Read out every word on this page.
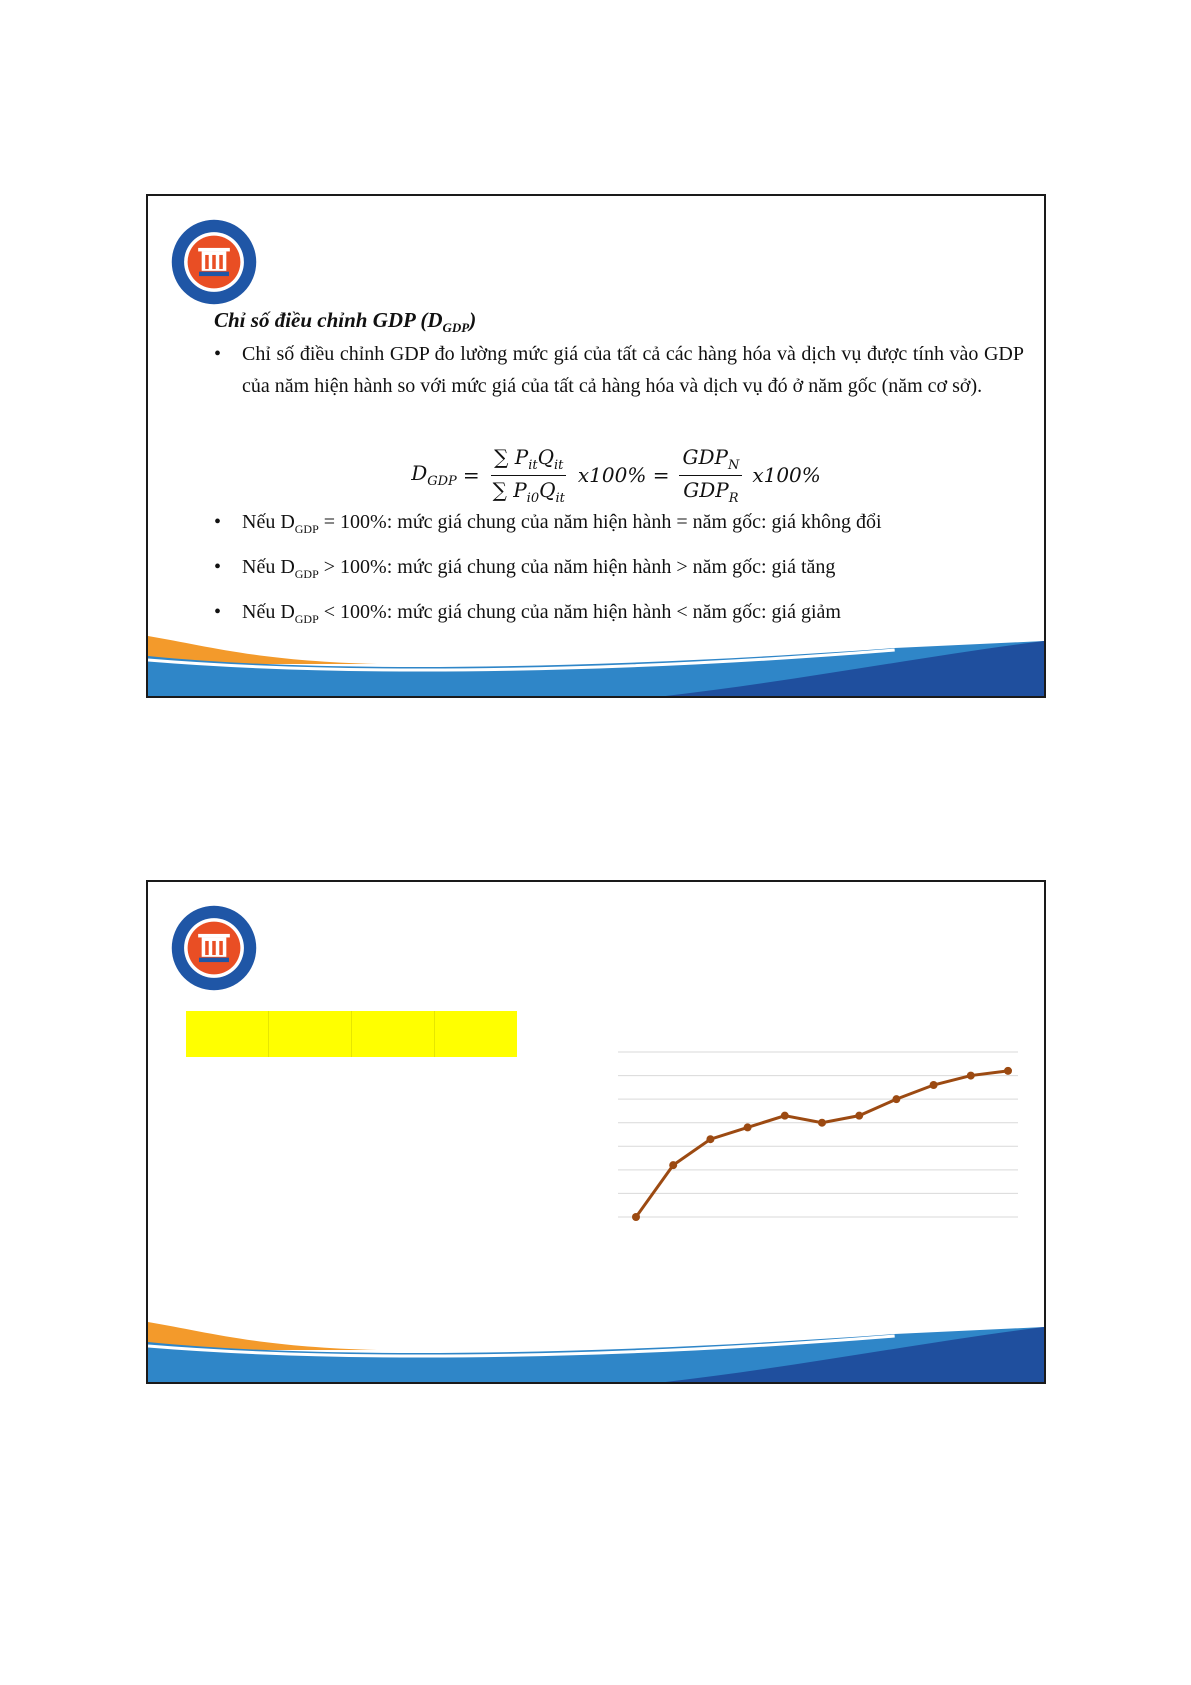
Chỉ số điều chỉnh GDP $(D_{GDP})$
• Chỉ số điều chỉnh GDP đo lường mức giá của tất cả các hàng hóa và dịch vụ được tính vào GDP của năm hiện hành so với mức giá của tất cả hàng hóa và dịch vụ đó ở năm gốc (năm cơ sở).
$D_{GDP} = \frac{\sum P_{it}Q_{it}}{\sum P_{i0}Q_{it}} x100\% = \frac{GDP_N}{GDP_R} x100\%$
• Nếu $D_{GDP} = 100\%$: mức giá chung của năm hiện hành = năm gốc: giá không đổi
• Nếu $D_{GDP} > 100\%$: mức giá chung của năm hiện hành > năm gốc: giá tăng
• Nếu $D_{GDP} < 100\%$: mức giá chung của năm hiện hành < năm gốc: giá giảm
